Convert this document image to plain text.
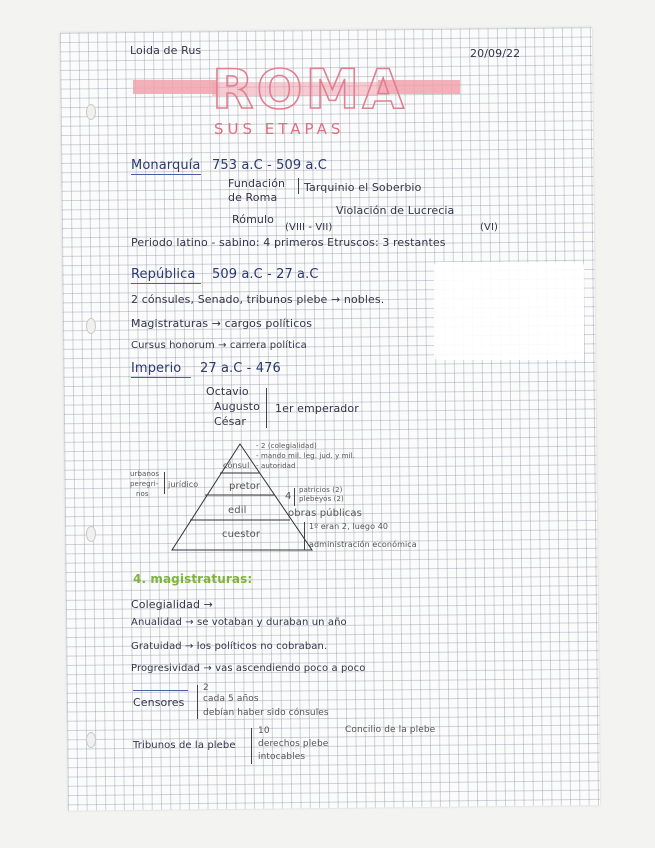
Loida de Rus	20/09/22
ROMA
SUS ETAPAS
Monarquía 753 a.C - 509 a.C
Fundación
de Roma
Rómulo
Tarquinio el Soberbio
Violación de Lucrecia
(VIII - VII)	(VI)
Periodo latino - sabino: 4 primeros Etruscos: 3 restantes
República 509 a.C - 27 a.C
2 cónsules, Senado, tribunos plebe → nobles.
Magistraturas → cargos políticos
Cursus honorum → carrera política
Imperio 27 a.C - 476
Octavio
Augusto
César
1er emperador
cónsul
pretor
edil
cuestor
- 2 (colegialidad)
- mando mil. leg. jud. y mil.
- autoridad
urbanos
peregri-
nos
jurídico
4
patricios (2)
plebeyos (2)
obras públicas
1º eran 2, luego 40
administración económica
4. magistraturas:
Colegialidad →
Anualidad → se votaban y duraban un año
Gratuidad → los políticos no cobraban.
Progresividad → vas ascendiendo poco a poco
Censores
2
cada 5 años
debían haber sido cónsules
Tribunos de la plebe
10
derechos plebe
intocables
Concilio de la plebe
